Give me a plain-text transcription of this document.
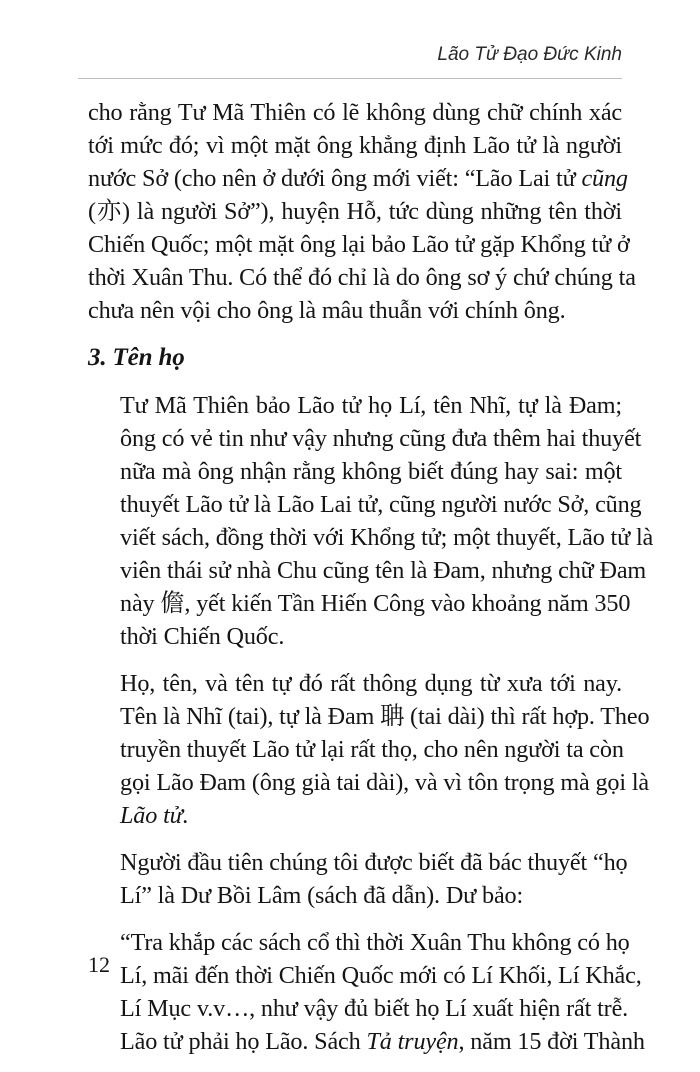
Lão Tử Đạo Đức Kinh

cho rằng Tư Mã Thiên có lẽ không dùng chữ chính xác
tới mức đó; vì một mặt ông khẳng định Lão tử là người
nước Sở (cho nên ở dưới ông mới viết: “Lão Lai tử cũng
(亦) là người Sở”), huyện Hỗ, tức dùng những tên thời
Chiến Quốc; một mặt ông lại bảo Lão tử gặp Khổng tử ở
thời Xuân Thu. Có thể đó chỉ là do ông sơ ý chứ chúng ta
chưa nên vội cho ông là mâu thuẫn với chính ông.

3. Tên họ

Tư Mã Thiên bảo Lão tử họ Lí, tên Nhĩ, tự là Đam;
ông có vẻ tin như vậy nhưng cũng đưa thêm hai thuyết
nữa mà ông nhận rằng không biết đúng hay sai: một
thuyết Lão tử là Lão Lai tử, cũng người nước Sở, cũng
viết sách, đồng thời với Khổng tử; một thuyết, Lão tử là
viên thái sử nhà Chu cũng tên là Đam, nhưng chữ Đam
này 儋, yết kiến Tần Hiến Công vào khoảng năm 350
thời Chiến Quốc.

Họ, tên, và tên tự đó rất thông dụng từ xưa tới nay.
Tên là Nhĩ (tai), tự là Đam 聃 (tai dài) thì rất hợp. Theo
truyền thuyết Lão tử lại rất thọ, cho nên người ta còn
gọi Lão Đam (ông già tai dài), và vì tôn trọng mà gọi là
Lão tử.

Người đầu tiên chúng tôi được biết đã bác thuyết “họ
Lí” là Dư Bồi Lâm (sách đã dẫn). Dư bảo:

“Tra khắp các sách cổ thì thời Xuân Thu không có họ
Lí, mãi đến thời Chiến Quốc mới có Lí Khối, Lí Khắc,
Lí Mục v.v…, như vậy đủ biết họ Lí xuất hiện rất trễ.
Lão tử phải họ Lão. Sách Tả truyện, năm 15 đời Thành

12
